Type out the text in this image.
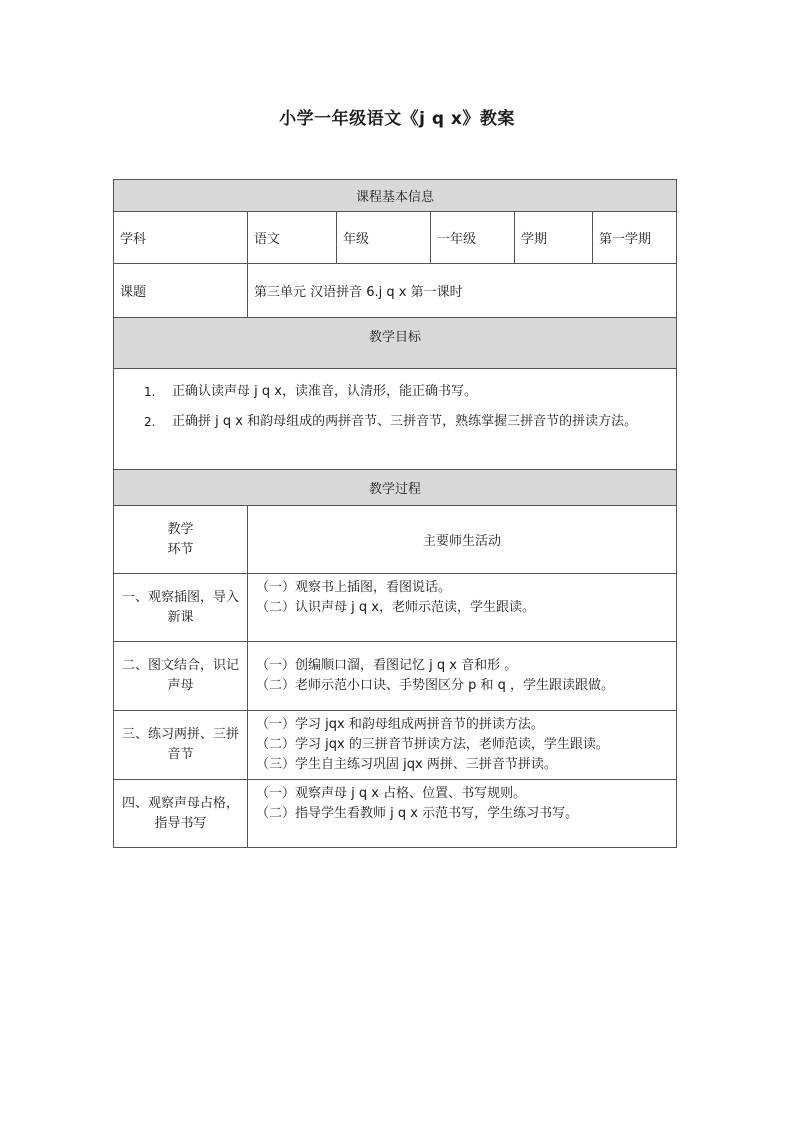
小学一年级语文《j q x》教案
课程基本信息					
学科	语文	年级	一年级	学期	第一学期
课题	第三单元 汉语拼音 6.j q x 第一课时				
教学目标					

1. 正确认读声母 j q x，读准音，认清形，能正确书写。
2. 正确拼 j q x 和韵母组成的两拼音节、三拼音节，熟练掌握三拼音节的拼读方法。					

教学过程					

教学
环节	主要师生活动				

一、观察插图，导入
新课	（一）观察书上插图，看图说话。
（二）认识声母 j q x，老师示范读，学生跟读。				

二、图文结合，识记
声母	（一）创编顺口溜，看图记忆 j q x 音和形 。
（二）老师示范小口诀、手势图区分 p 和 q ，学生跟读跟做。				

三、练习两拼、三拼
音节	（一）学习 jqx 和韵母组成两拼音节的拼读方法。
（二）学习 jqx 的三拼音节拼读方法，老师范读，学生跟读。
（三）学生自主练习巩固 jqx 两拼、三拼音节拼读。				

四、观察声母占格，
指导书写	（一）观察声母 j q x 占格、位置、书写规则。
（二）指导学生看教师 j q x 示范书写，学生练习书写。				
